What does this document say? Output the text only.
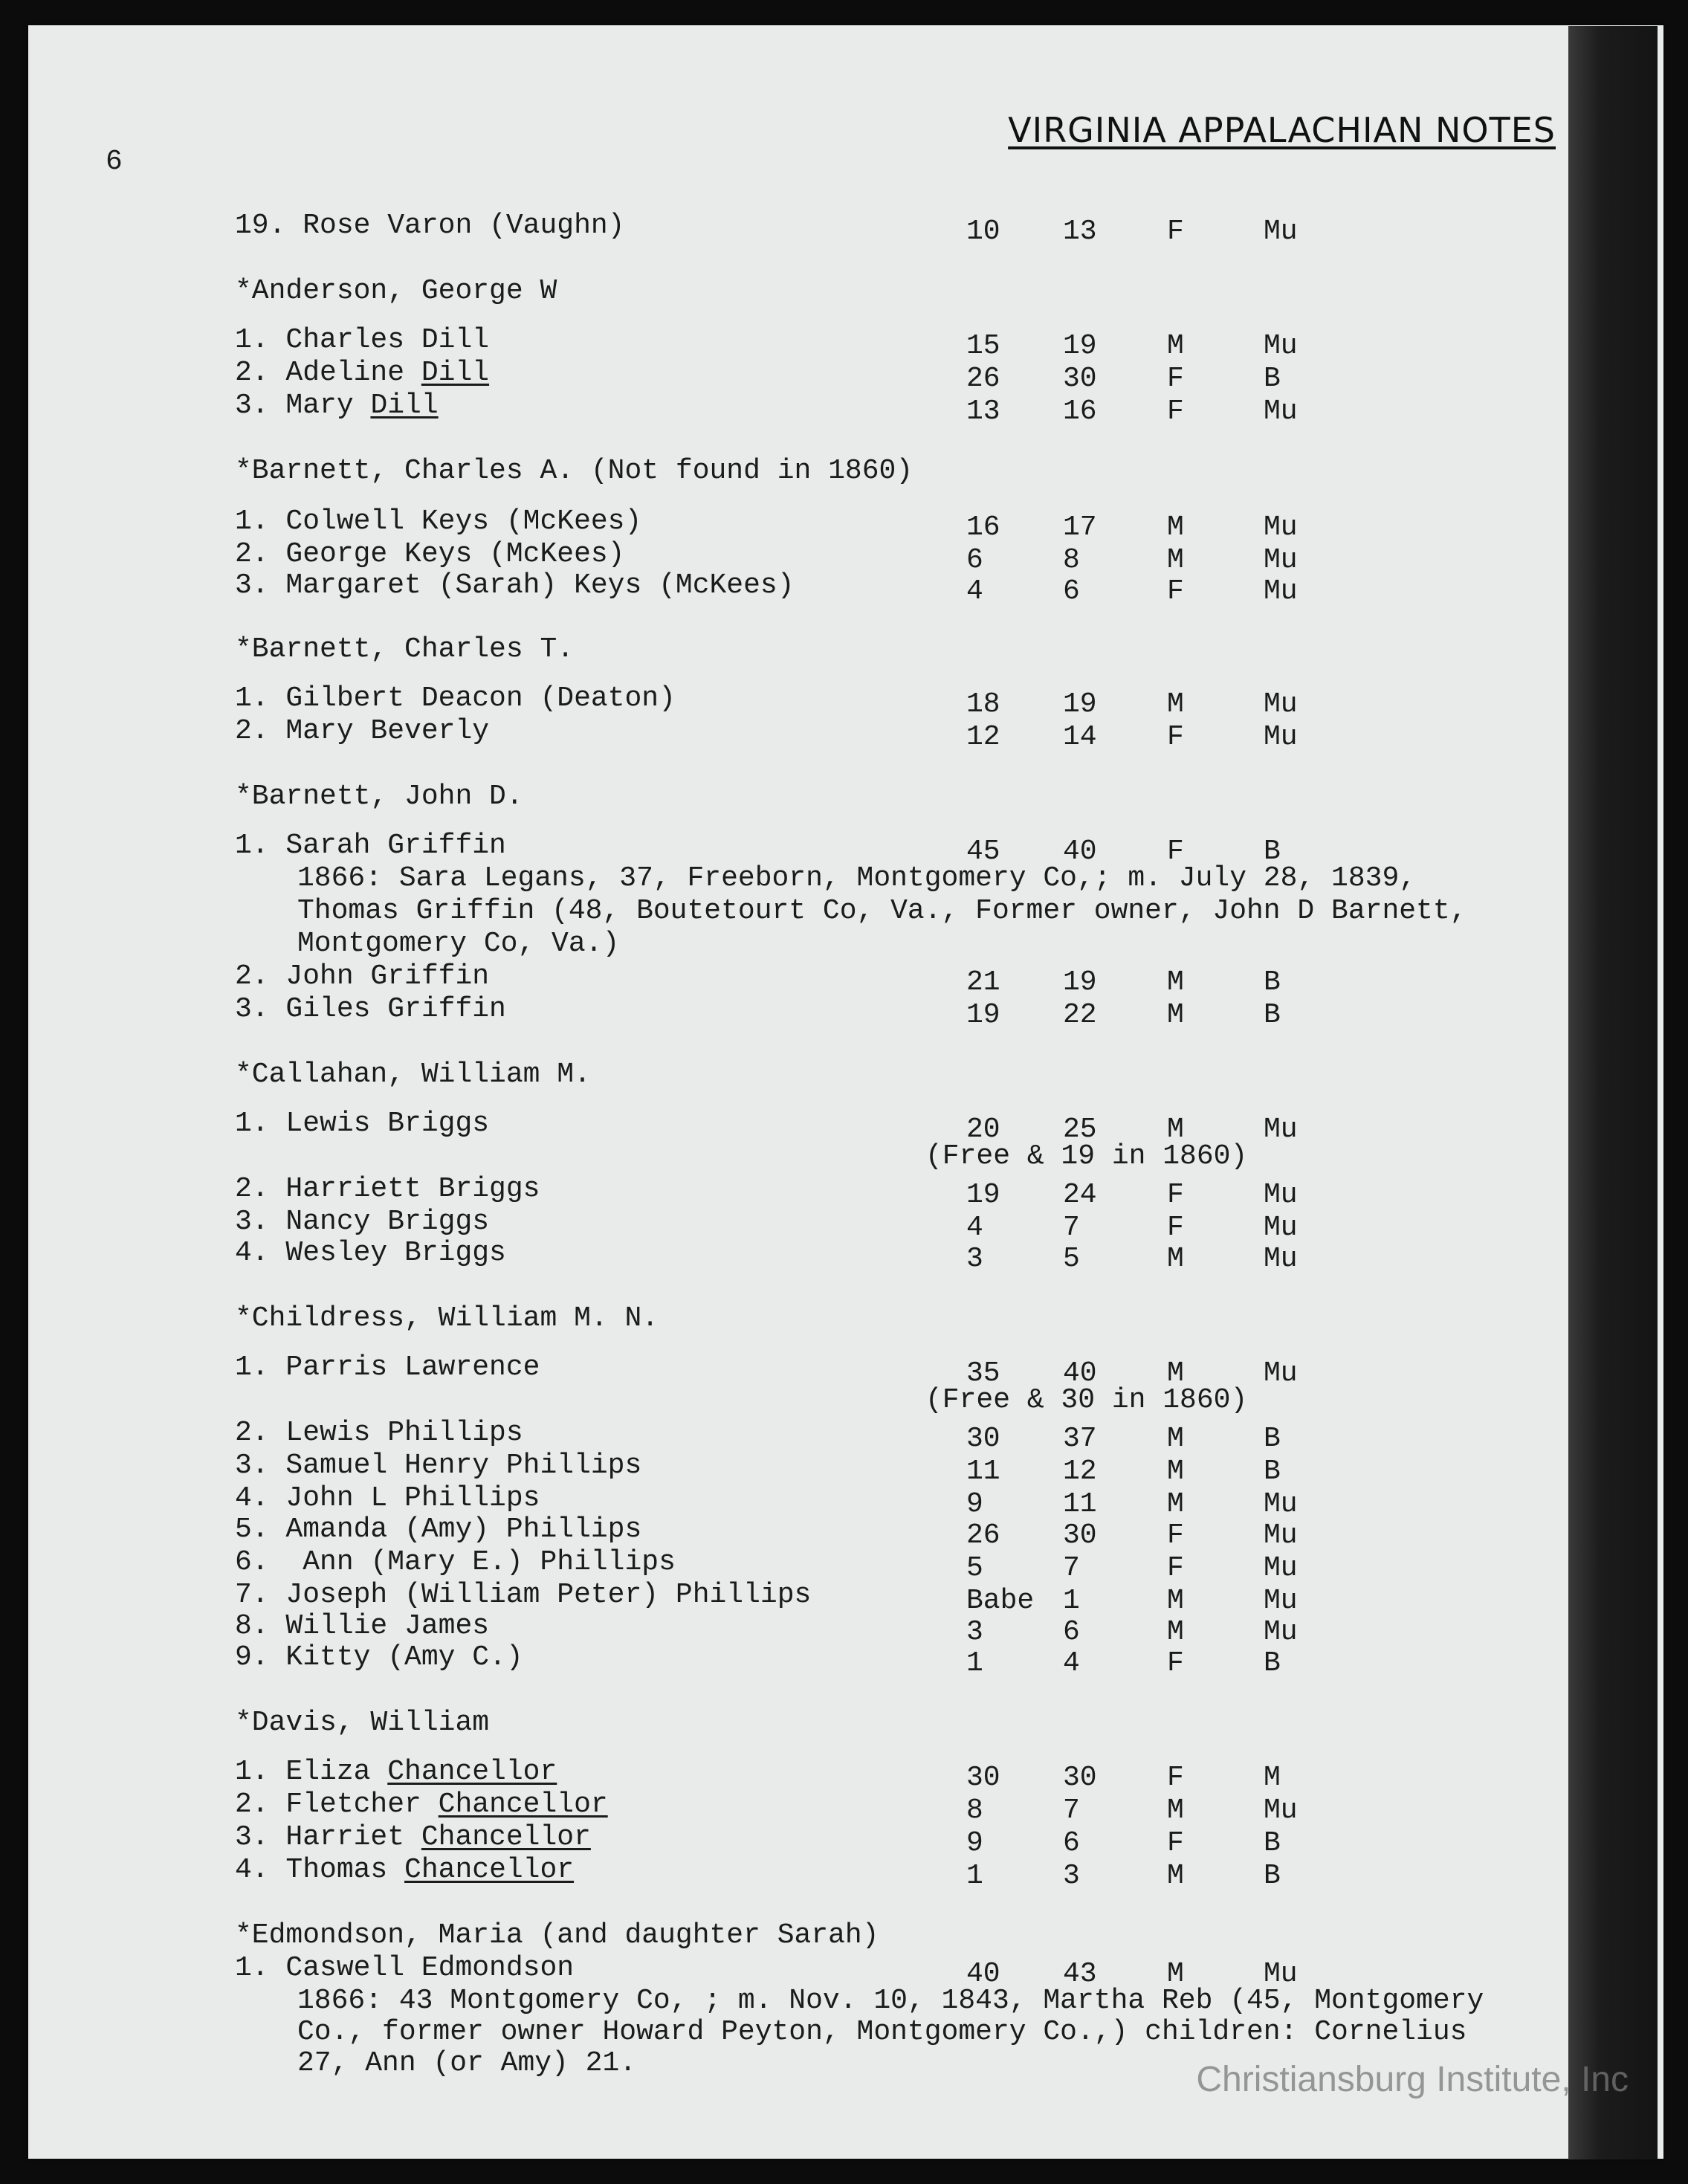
VIRGINIA APPALACHIAN NOTES
6
19. Rose Varon (Vaughn)	10 13 F	Mu
*Anderson, George W
1. Charles Dill	15 19 M	Mu
2. Adeline Dill	26 30 F	B
3. Mary Dill	13 16 F	Mu
*Barnett, Charles A. (Not found in 1860)
1. Colwell Keys (McKees)	16 17 M	Mu
2. George Keys (McKees)	6	8	M	Mu
3. Margaret (Sarah) Keys (McKees)	4	6	F	Mu
*Barnett, Charles T.
1. Gilbert Deacon (Deaton)	18 19 M	Mu
2. Mary Beverly	12 14 F	Mu
*Barnett, John D.
1. Sarah Griffin	45 40 F	B
1866: Sara Legans, 37, Freeborn, Montgomery Co,; m. July 28, 1839,
Thomas Griffin (48, Boutetourt Co, Va., Former owner, John D Barnett,
Montgomery Co, Va.)
2. John Griffin	21 19 M	B
3. Giles Griffin	19 22 M	B
*Callahan, William M.
1. Lewis Briggs	20 25 M	Mu
(Free & 19 in 1860)
2. Harriett Briggs	19 24 F	Mu
3. Nancy Briggs	4	7	F	Mu
4. Wesley Briggs	3	5	M	Mu
*Childress, William M. N.
1. Parris Lawrence	35 40 M	Mu
(Free & 30 in 1860)
2. Lewis Phillips	30 37 M	B
3. Samuel Henry Phillips	11 12 M	B
4. John L Phillips	9	11 M	Mu
5. Amanda (Amy) Phillips	26 30 F	Mu
6.  Ann (Mary E.) Phillips	5	7	F	Mu
7. Joseph (William Peter) Phillips	Babe 1	M	Mu
8. Willie James	3	6	M	Mu
9. Kitty (Amy C.)	1	4	F	B
*Davis, William
1. Eliza Chancellor	30 30 F	M
2. Fletcher Chancellor	8	7	M	Mu
3. Harriet Chancellor	9	6	F	B
4. Thomas Chancellor	1	3	M	B
*Edmondson, Maria (and daughter Sarah)
1. Caswell Edmondson	40 43 M	Mu
1866: 43 Montgomery Co, ; m. Nov. 10, 1843, Martha Reb (45, Montgomery
Co., former owner Howard Peyton, Montgomery Co.,) children: Cornelius
27, Ann (or Amy) 21.	Christiansburg Institute, Inc
